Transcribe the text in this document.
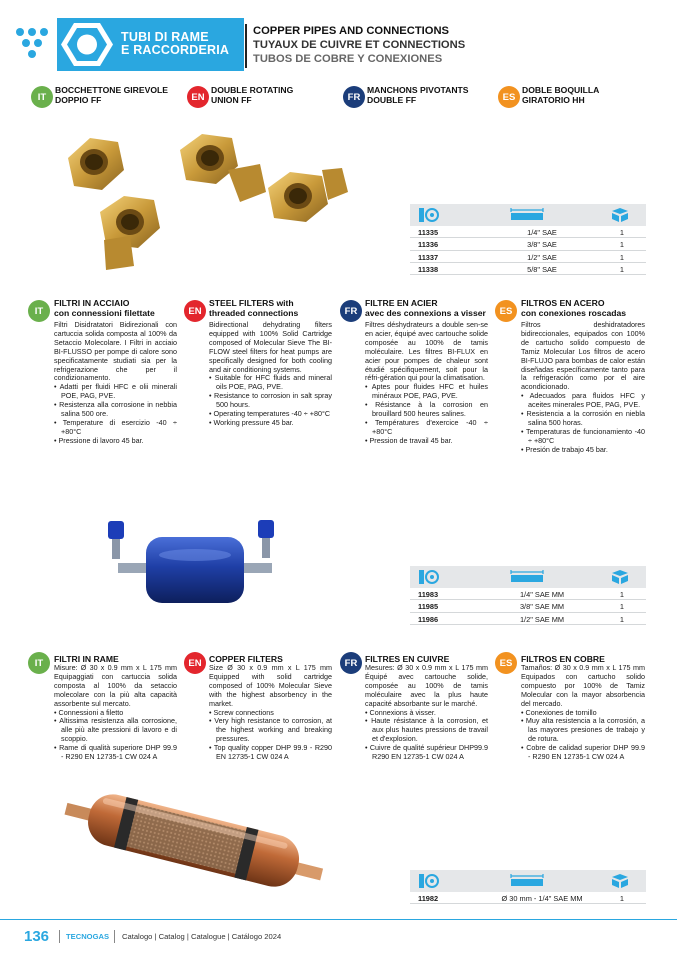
TUBI DI RAME
E RACCORDERIA
COPPER PIPES AND CONNECTIONS
TUYAUX DE CUIVRE ET CONNECTIONS
TUBOS DE COBRE Y CONEXIONES
IT
BOCCHETTONE GIREVOLE
DOPPIO FF	EN
DOUBLE ROTATING
UNION FF	FR
MANCHONS PIVOTANTS
DOUBLE FF	ES
DOBLE BOQUILLA
GIRATORIO HH
11335	1/4" SAE	1
11336	3/8" SAE	1
11337	1/2" SAE	1
11338	5/8" SAE	1
IT
FILTRI IN ACCIAIO
con connessioni filettate

Filtri Disidratatori Bidirezionali con cartuccia solida composta al 100% da Setaccio Molecolare. I Filtri in acciaio BI-FLUSSO per pompe di calore sono specificatamente studiati sia per la refrigerazione che per il condizionamento.

• Adatti per fluidi HFC e olii minerali POE, PAG, PVE.
• Resistenza alla corrosione in nebbia salina 500 ore.
• Temperature di esercizio -40 ÷ +80°C
• Pressione di lavoro 45 bar.
EN
STEEL FILTERS with
threaded connections

Bidirectional dehydrating filters equipped with 100% Solid Cartridge composed of Molecular Sieve The BI-FLOW steel filters for heat pumps are specifically designed for both cooling and air conditioning systems.

• Suitable for HFC fluids and mineral oils POE, PAG, PVE.
• Resistance to corrosion in salt spray 500 hours.
• Operating temperatures -40 ÷ +80°C
• Working pressure 45 bar.
FR
FILTRE EN ACIER
avec des connexions a visser

Filtres déshydrateurs a double sen-se en acier, équipé avec cartouche solide composée au 100% de tamis moléculaire. Les filtres BI-FLUX en acier pour pompes de chaleur sont étudié spécifiquement, soit pour la réfri-gération qui pour la climatisation.

• Aptes pour fluides HFC et huiles minéraux POE, PAG, PVE.
• Résistance à la corrosion en brouillard 500 heures salines.
• Températures d'exercice -40 ÷ +80°C
• Pression de travail 45 bar.
ES
FILTROS EN ACERO
con conexiones roscadas

Filtros deshidratadores bidireccionales, equipados con 100% de cartucho solido compuesto de Tamiz Molecular Los filtros de acero BI-FLUJO para bombas de calor están diseñadas específicamente tanto para la refrigeración como por el aire acondicionado.

• Adecuados para fluidos HFC y aceites minerales POE, PAG, PVE.
• Resistencia a la corrosión en niebla salina 500 horas.
• Temperaturas de funcionamiento -40 ÷ +80°C
• Presión de trabajo 45 bar.
11983	1/4" SAE MM	1
11985	3/8" SAE MM	1
11986	1/2" SAE MM	1
IT	FILTRI IN RAME

Misure: Ø 30 x 0.9 mm x L 175 mm Equipaggiati con cartuccia solida composta al 100% da setaccio molecolare con la più alta capacità assorbente sul mercato.

• Connessioni a filetto
• Altissima resistenza alla corrosione, alle più alte pressioni di lavoro e di scoppio.
• Rame di qualità superiore DHP 99.9 - R290 EN 12735-1 CW 024 A
EN COPPER FILTERS

Size Ø 30 x 0.9 mm x L 175 mm Equipped with solid cartridge composed of 100% Molecular Sieve with the highest absorbency in the market.

• Screw connections
• Very high resistance to corrosion, at the highest working and breaking pressures.
• Top quality copper DHP 99.9 - R290 EN 12735-1 CW 024 A
FR FILTRES EN CUIVRE

Mesures: Ø 30 x 0.9 mm x L 175 mm Équipé avec cartouche solide, composée au 100% de tamis moléculaire avec la plus haute capacité absorbante sur le marché.

• Connexions à visser.
• Haute résistance à la corrosion, et aux plus hautes pressions de travail et d'explosion.
• Cuivre de qualité supérieur DHP99.9 R290 EN 12735-1 CW 024 A
ES	FILTROS EN COBRE

Tamaños: Ø 30 x 0.9 mm x L 175 mm Equipados con cartucho solido compuesto por 100% de Tamiz Molecular con la mayor absorbencia del mercado.

• Conexiones de tornillo
• Muy alta resistencia a la corrosión, a las mayores presiones de trabajo y de rotura.
• Cobre de calidad superior DHP 99.9 - R290 EN 12735-1 CW 024 A
11982	Ø 30 mm - 1/4" SAE MM	1
136 TECNOGAS Catalogo | Catalog | Catalogue | Catálogo 2024
